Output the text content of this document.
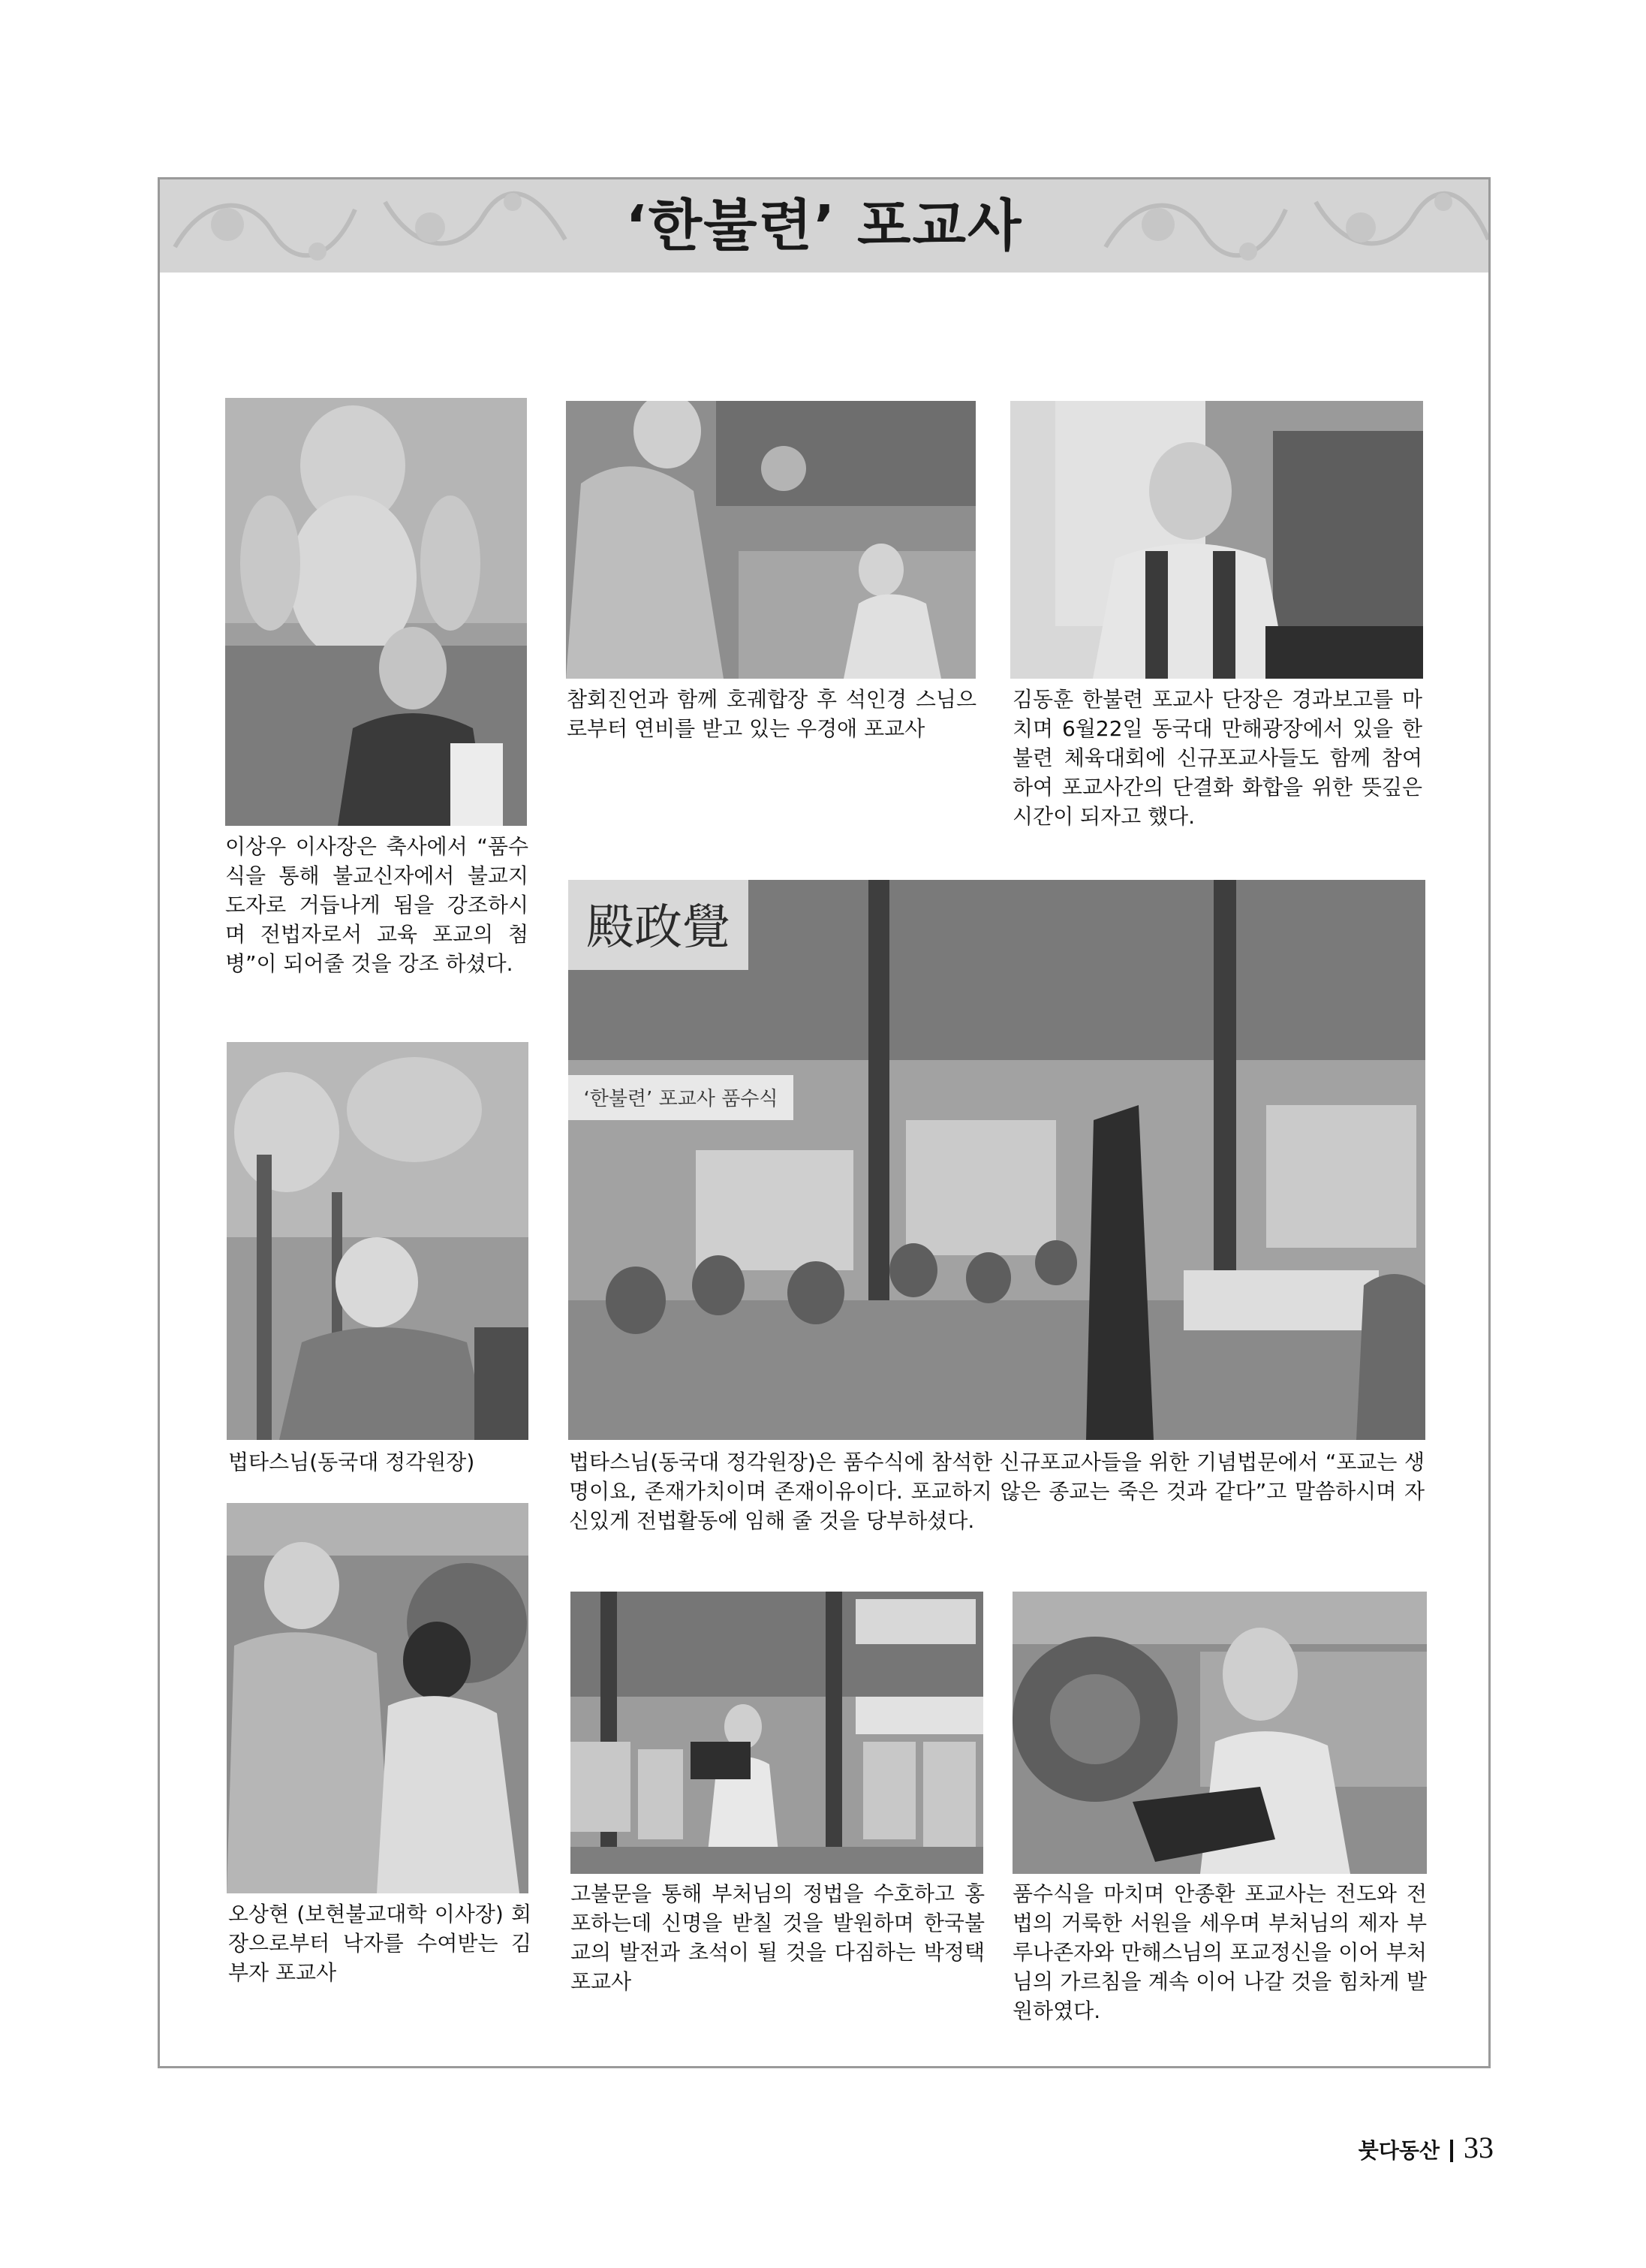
‘한불련’ 포교사
이상우 이사장은 축사에서 “품수식을 통해 불교신자에서 불교지도자로 거듭나게 됨을 강조하시며 전법자로서 교육 포교의 첨병”이 되어줄 것을 강조 하셨다.
참회진언과 함께 호궤합장 후 석인경 스님으로부터 연비를 받고 있는 우경애 포교사
김동훈 한불련 포교사 단장은 경과보고를 마치며 6월22일 동국대 만해광장에서 있을 한불련 체육대회에 신규포교사들도 함께 참여하여 포교사간의 단결화 화합을 위한 뜻깊은 시간이 되자고 했다.
법타스님(동국대 정각원장)
殿政覺
‘한불련’ 포교사 품수식
법타스님(동국대 정각원장)은 품수식에 참석한 신규포교사들을 위한 기념법문에서 “포교는 생명이요, 존재가치이며 존재이유이다. 포교하지 않은 종교는 죽은 것과 같다”고 말씀하시며 자신있게 전법활동에 임해 줄 것을 당부하셨다.
오상현 (보현불교대학 이사장) 회장으로부터 낙자를 수여받는 김부자 포교사
고불문을 통해 부처님의 정법을 수호하고 홍포하는데 신명을 받칠 것을 발원하며 한국불교의 발전과 초석이 될 것을 다짐하는 박정택 포교사
품수식을 마치며 안종환 포교사는 전도와 전법의 거룩한 서원을 세우며 부처님의 제자 부루나존자와 만해스님의 포교정신을 이어 부처님의 가르침을 계속 이어 나갈 것을 힘차게 발원하였다.
붓다동산 33
